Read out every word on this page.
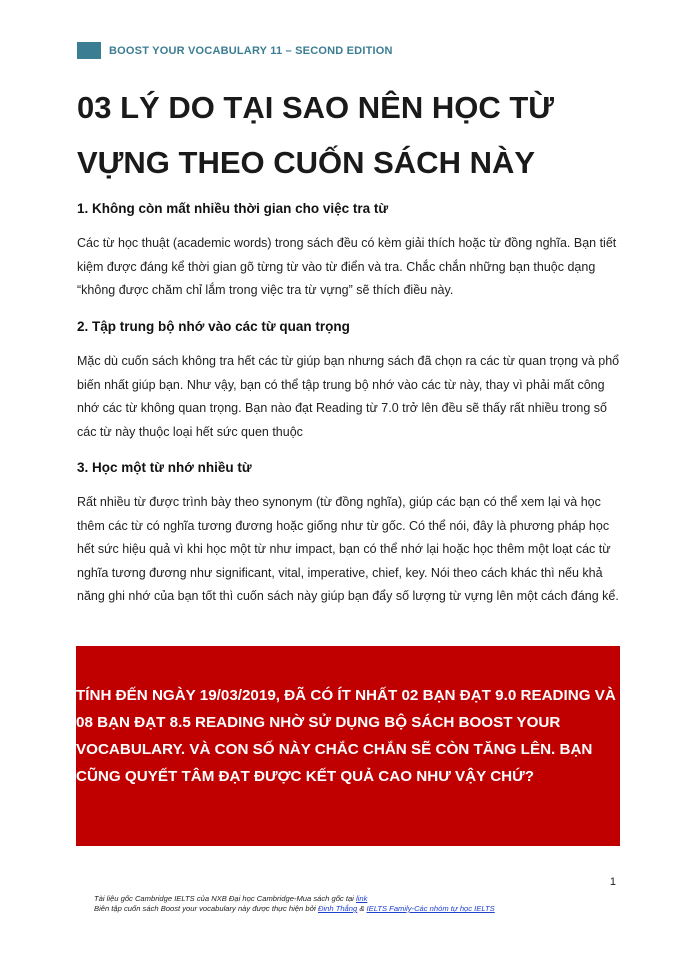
BOOST YOUR VOCABULARY 11 – SECOND EDITION
03 LÝ DO TẠI SAO NÊN HỌC TỪ VỰNG THEO CUỐN SÁCH NÀY
1. Không còn mất nhiều thời gian cho việc tra từ
Các từ học thuật (academic words) trong sách đều có kèm giải thích hoặc từ đồng nghĩa. Bạn tiết kiệm được đáng kể thời gian gõ từng từ vào từ điển và tra. Chắc chắn những bạn thuộc dạng “không được chăm chỉ lắm trong việc tra từ vựng” sẽ thích điều này.
2. Tập trung bộ nhớ vào các từ quan trọng
Mặc dù cuốn sách không tra hết các từ giúp bạn nhưng sách đã chọn ra các từ quan trọng và phổ biến nhất giúp bạn. Như vậy, bạn có thể tập trung bộ nhớ vào các từ này, thay vì phải mất công nhớ các từ không quan trọng. Bạn nào đạt Reading từ 7.0 trở lên đều sẽ thấy rất nhiều trong số các từ này thuộc loại hết sức quen thuộc
3. Học một từ nhớ nhiều từ
Rất nhiều từ được trình bày theo synonym (từ đồng nghĩa), giúp các bạn có thể xem lại và học thêm các từ có nghĩa tương đương hoặc giống như từ gốc. Có thể nói, đây là phương pháp học hết sức hiệu quả vì khi học một từ như impact, bạn có thể nhớ lại hoặc học thêm một loạt các từ nghĩa tương đương như significant, vital, imperative, chief, key. Nói theo cách khác thì nếu khả năng ghi nhớ của bạn tốt thì cuốn sách này giúp bạn đẩy số lượng từ vựng lên một cách đáng kể.
TÍNH ĐẾN NGÀY 19/03/2019, ĐÃ CÓ ÍT NHẤT 02 BẠN ĐẠT 9.0 READING VÀ 08 BẠN ĐẠT 8.5 READING NHỜ SỬ DỤNG BỘ SÁCH BOOST YOUR VOCABULARY. VÀ CON SỐ NÀY CHẮC CHẮN SẼ CÒN TĂNG LÊN. BẠN CŨNG QUYẾT TÂM ĐẠT ĐƯỢC KẾT QUẢ CAO NHƯ VẬY CHỨ?
1
Tài liệu gốc Cambridge IELTS của NXB Đại học Cambridge-Mua sách gốc tại link
Biên tập cuốn sách Boost your vocabulary này được thực hiện bởi Đinh Thắng & IELTS Family-Các nhóm tự học IELTS
